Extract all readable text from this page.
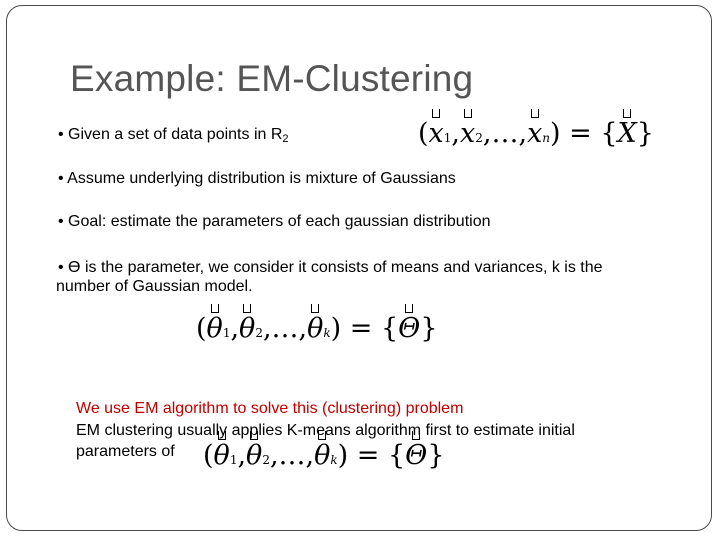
Example: EM-Clustering
• Given a set of data points in $R_2$	(
x1,
x2,…,
xn) = {
X}
• Assume underlying distribution is mixture of Gaussians
• Goal: estimate the parameters of each gaussian distribution
• Ө is the parameter, we consider it consists of means and variances, k is the
number of Gaussian model.
(
θ1,
θ2,…,
θk) = {
Θ}
We use EM algorithm to solve this (clustering) problem
EM clustering usually applies K-means algorithm first to estimate initial
parameters of (
θ1,
θ2,…,
θk) = {
Θ}
